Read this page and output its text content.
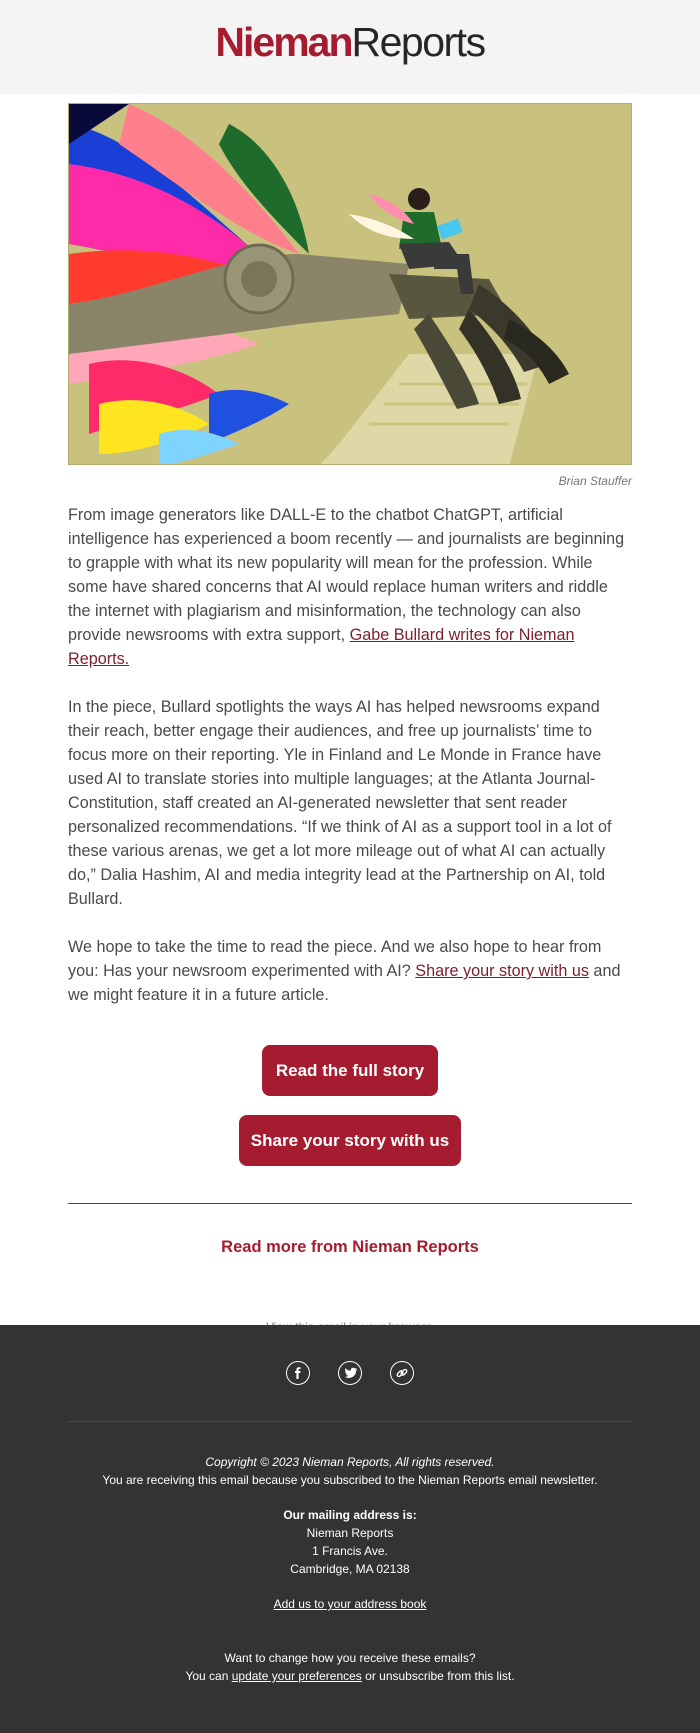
NiemanReports
Brian Stauffer

From image generators like DALL-E to the chatbot ChatGPT, artificial intelligence has experienced a boom recently — and journalists are beginning to grapple with what its new popularity will mean for the profession. While some have shared concerns that AI would replace human writers and riddle the internet with plagiarism and misinformation, the technology can also provide newsrooms with extra support, Gabe Bullard writes for Nieman Reports.

In the piece, Bullard spotlights the ways AI has helped newsrooms expand their reach, better engage their audiences, and free up journalists’ time to focus more on their reporting. Yle in Finland and Le Monde in France have used AI to translate stories into multiple languages; at the Atlanta Journal-Constitution, staff created an AI-generated newsletter that sent reader personalized recommendations. “If we think of AI as a support tool in a lot of these various arenas, we get a lot more mileage out of what AI can actually do,” Dalia Hashim, AI and media integrity lead at the Partnership on AI, told Bullard.

We hope to take the time to read the piece. And we also hope to hear from you: Has your newsroom experimented with AI? Share your story with us and we might feature it in a future article.

Read the full story
Share your story with us
Read more from Nieman Reports
Copyright © 2023 Nieman Reports, All rights reserved.
You are receiving this email because you subscribed to the Nieman Reports email newsletter.
Our mailing address is:
Nieman Reports
1 Francis Ave.
Cambridge, MA 02138
Add us to your address book
Want to change how you receive these emails?
You can update your preferences or unsubscribe from this list.
